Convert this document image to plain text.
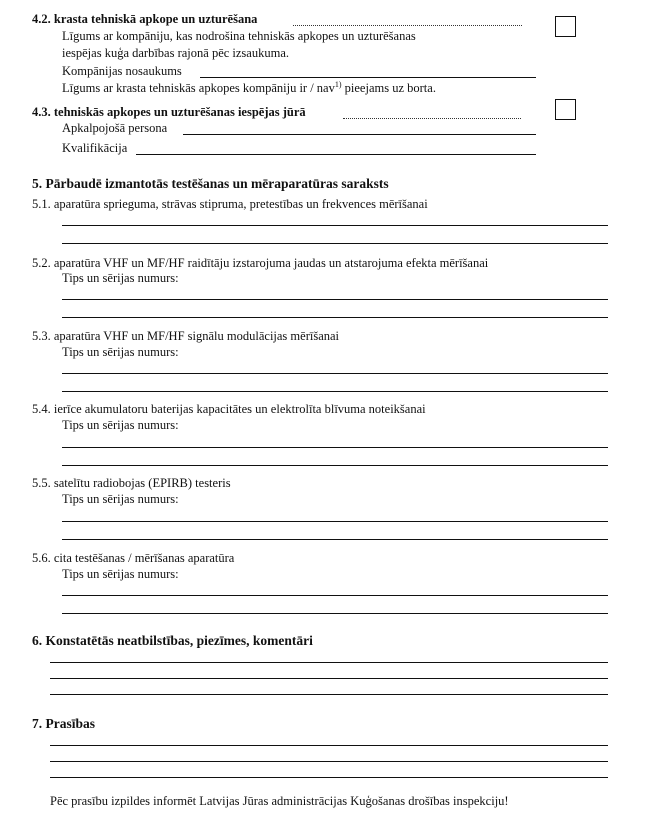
4.2. krasta tehniskā apkope un uzturēšana
Līgums ar kompāniju, kas nodrošina tehniskās apkopes un uzturēšanas
iespējas kuģa darbības rajonā pēc izsaukuma.
Kompānijas nosaukums
Līgums ar krasta tehniskās apkopes kompāniju ir / nav$^{1)}$ pieejams uz borta.
4.3. tehniskās apkopes un uzturēšanas iespējas jūrā
Apkalpojošā persona
Kvalifikācija
5. Pārbaudē izmantotās testēšanas un mēraparatūras saraksts
5.1. aparatūra sprieguma, strāvas stipruma, pretestības un frekvences mērīšanai
5.2. aparatūra VHF un MF/HF raidītāju izstarojuma jaudas un atstarojuma efekta mērīšanai
Tips un sērijas numurs:
5.3. aparatūra VHF un MF/HF signālu modulācijas mērīšanai
Tips un sērijas numurs:
5.4. ierīce akumulatoru baterijas kapacitātes un elektrolīta blīvuma noteikšanai
Tips un sērijas numurs:
5.5. satelītu radiobojas (EPIRB) testeris
Tips un sērijas numurs:
5.6. cita testēšanas / mērīšanas aparatūra
Tips un sērijas numurs:
6. Konstatētās neatbilstības, piezīmes, komentāri
7. Prasības
Pēc prasību izpildes informēt Latvijas Jūras administrācijas Kuģošanas drošības inspekciju!
